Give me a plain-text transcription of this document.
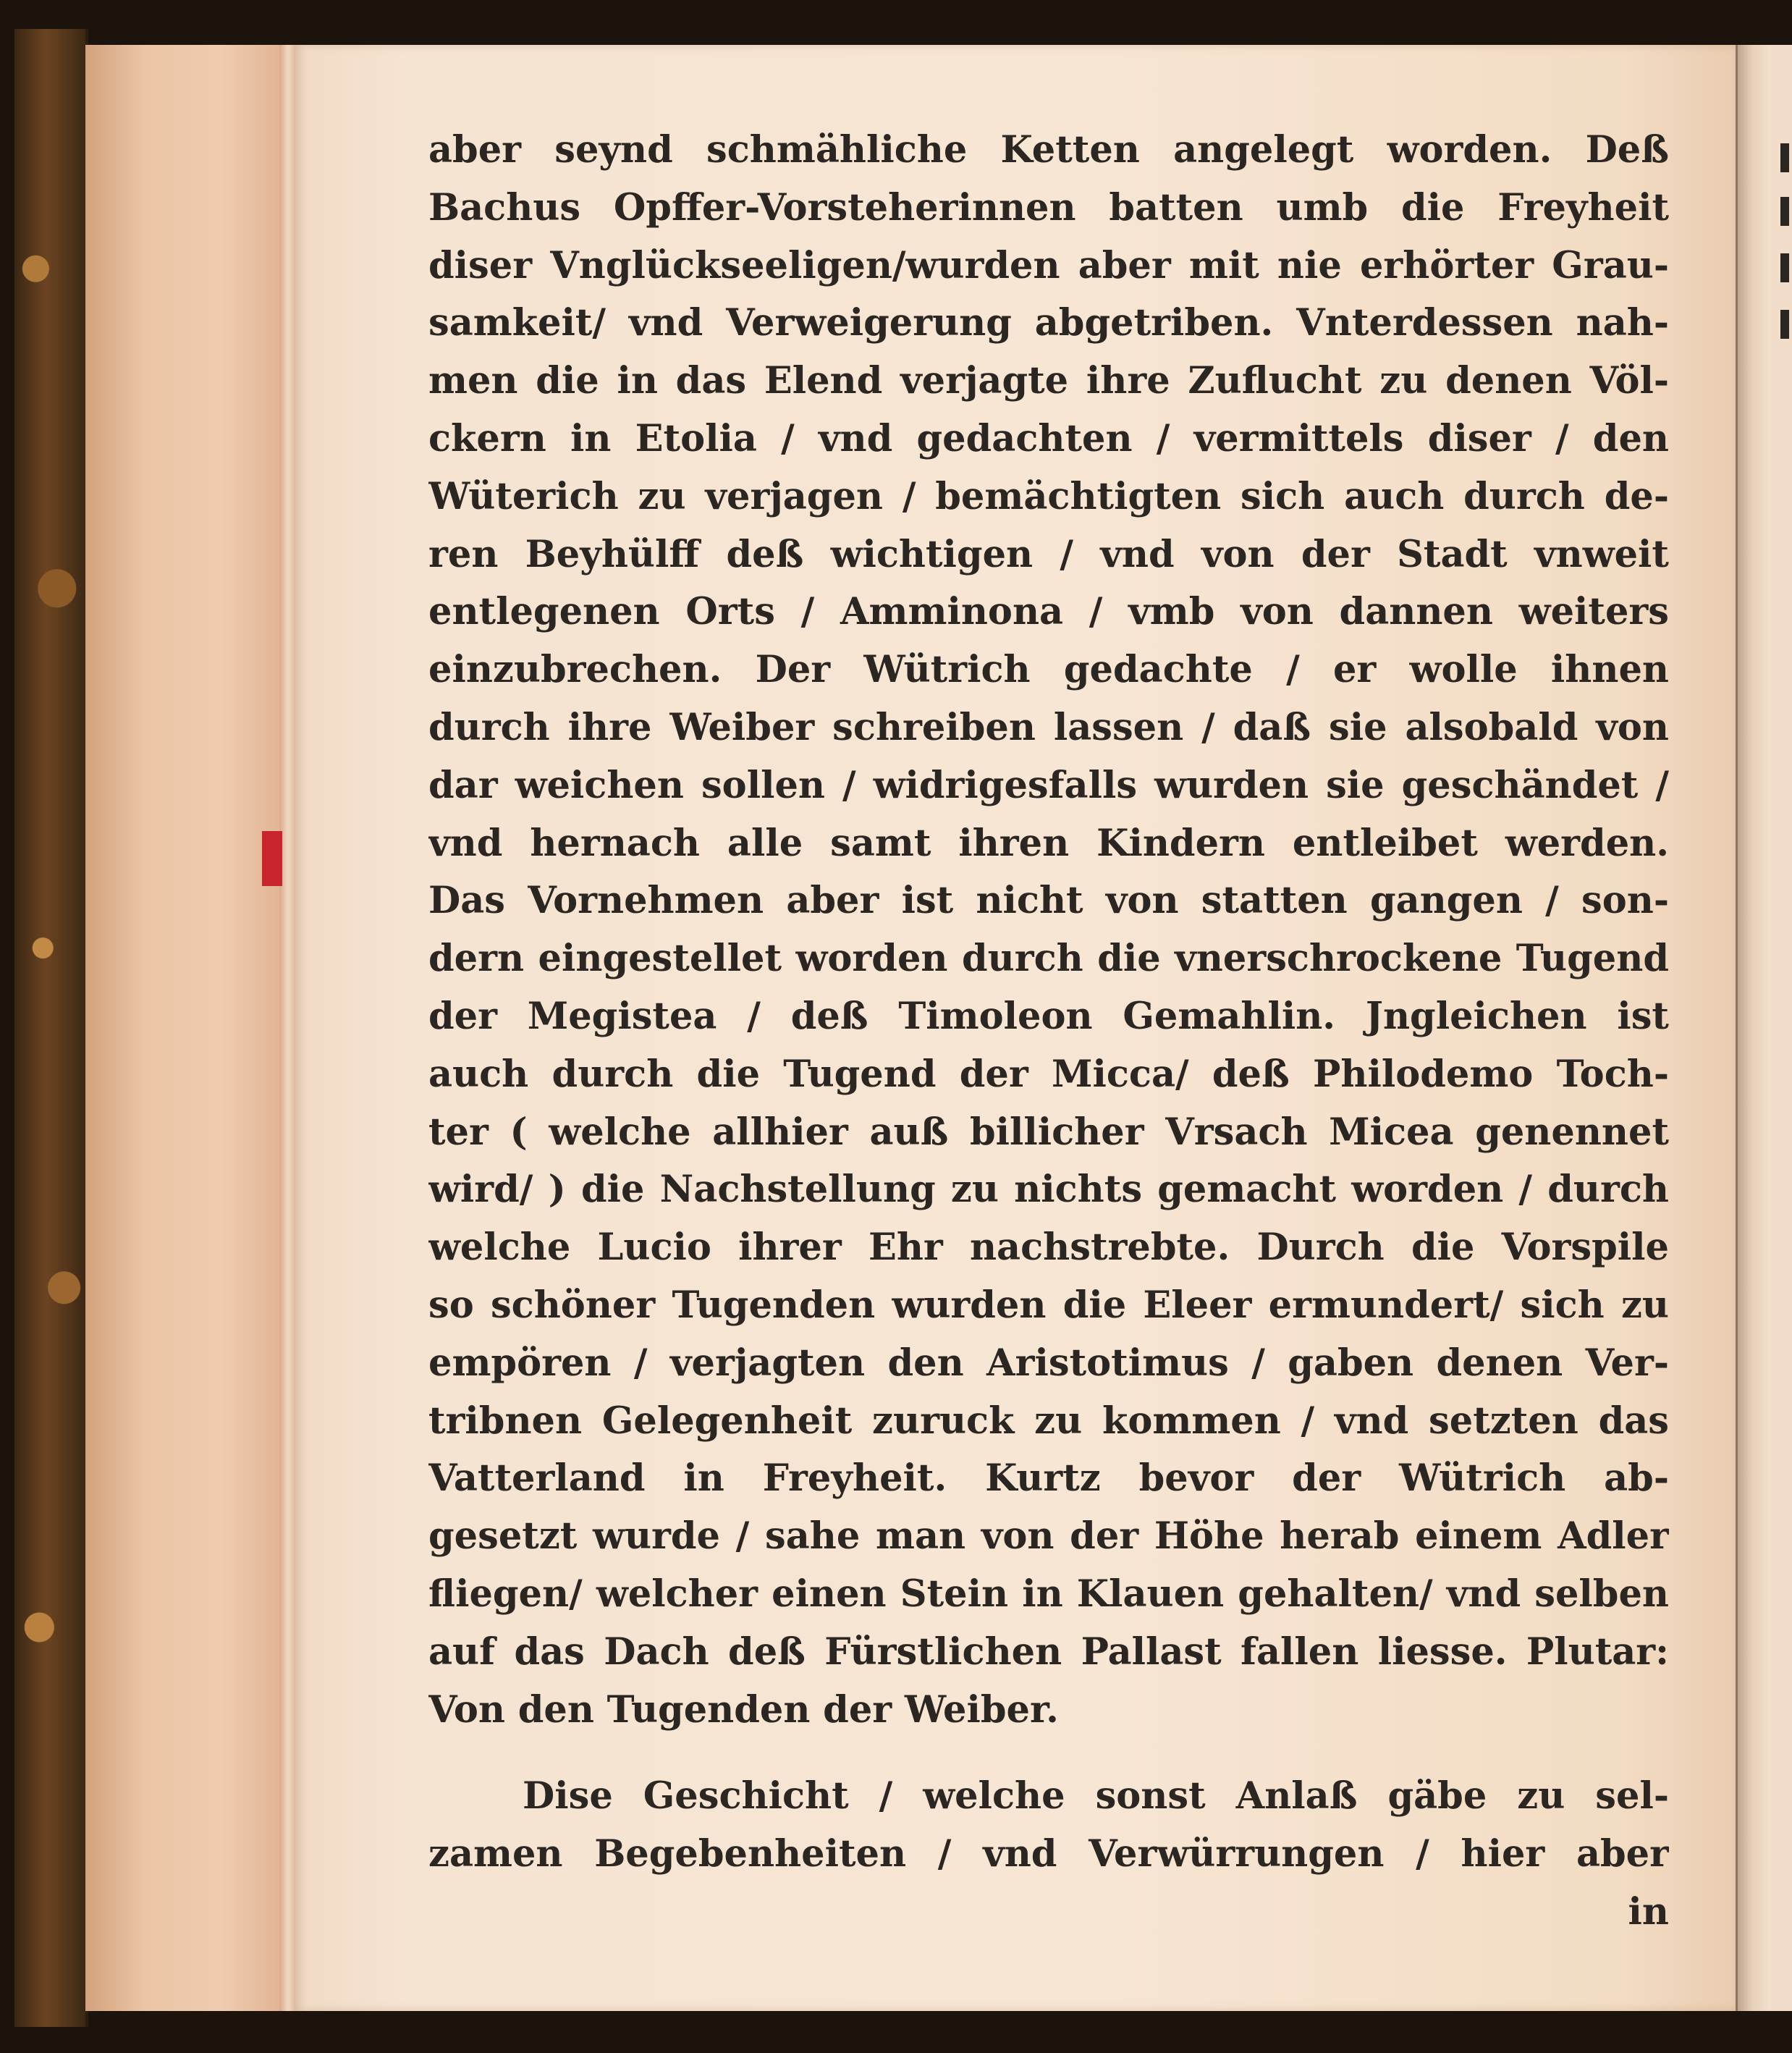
aber seynd schmähliche Ketten angelegt worden. Deß
Bachus Opffer-Vorsteherinnen batten umb die Freyheit
diser Vnglückseeligen/wurden aber mit nie erhörter Grau-
samkeit/ vnd Verweigerung abgetriben. Vnterdessen nah-
men die in das Elend verjagte ihre Zuflucht zu denen Völ-
ckern in Etolia / vnd gedachten / vermittels diser / den
Wüterich zu verjagen / bemächtigten sich auch durch de-
ren Beyhülff deß wichtigen / vnd von der Stadt vnweit
entlegenen Orts / Amminona / vmb von dannen weiters
einzubrechen. Der Wütrich gedachte / er wolle ihnen
durch ihre Weiber schreiben lassen / daß sie alsobald von
dar weichen sollen / widrigesfalls wurden sie geschändet /
vnd hernach alle samt ihren Kindern entleibet werden.
Das Vornehmen aber ist nicht von statten gangen / son-
dern eingestellet worden durch die vnerschrockene Tugend
der Megistea / deß Timoleon Gemahlin. Jngleichen ist
auch durch die Tugend der Micca/ deß Philodemo Toch-
ter ( welche allhier auß billicher Vrsach Micea genennet
wird/ ) die Nachstellung zu nichts gemacht worden / durch
welche Lucio ihrer Ehr nachstrebte. Durch die Vorspile
so schöner Tugenden wurden die Eleer ermundert/ sich zu
empören / verjagten den Aristotimus / gaben denen Ver-
tribnen Gelegenheit zuruck zu kommen / vnd setzten das
Vatterland in Freyheit. Kurtz bevor der Wütrich ab-
gesetzt wurde / sahe man von der Höhe herab einem Adler
fliegen/ welcher einen Stein in Klauen gehalten/ vnd selben
auf das Dach deß Fürstlichen Pallast fallen liesse. Plutar:
Von den Tugenden der Weiber.
Dise Geschicht / welche sonst Anlaß gäbe zu sel-
zamen Begebenheiten / vnd Verwürrungen / hier aber
in
